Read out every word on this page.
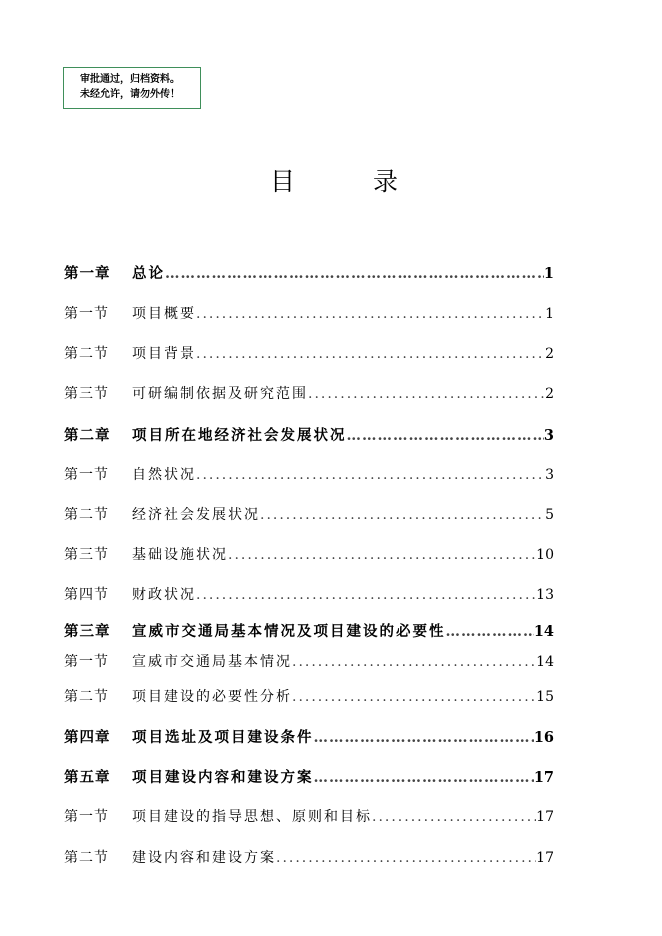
审批通过，归档资料。
未经允许，请勿外传！
目	录
第一章	总论 …………………………………………………………………………………………………………………………………………………………………………………………	1
第一节	项目概要 .....	1
第二节	项目背景 .....	2
第三节	可研编制依据及研究范围 .....	2
第二章	项目所在地经济社会发展状况 …………………………………………………………………………………………………………………………………………………………………………………………	3
第一节	自然状况 .....	3
第二节	经济社会发展状况 .....	5
第三节	基础设施状况 .....	10
第四节	财政状况 .....	13
第三章	宣威市交通局基本情况及项目建设的必要性 …………………………………………………………………………………………………………………………………………………………………………………………	14
第一节	宣威市交通局基本情况 .....	14
第二节	项目建设的必要性分析 .....	15
第四章	项目选址及项目建设条件 …………………………………………………………………………………………………………………………………………………………………………………………	16
第五章	项目建设内容和建设方案 …………………………………………………………………………………………………………………………………………………………………………………………	17
第一节	项目建设的指导思想、原则和目标 .....	17
第二节	建设内容和建设方案 .....	17
